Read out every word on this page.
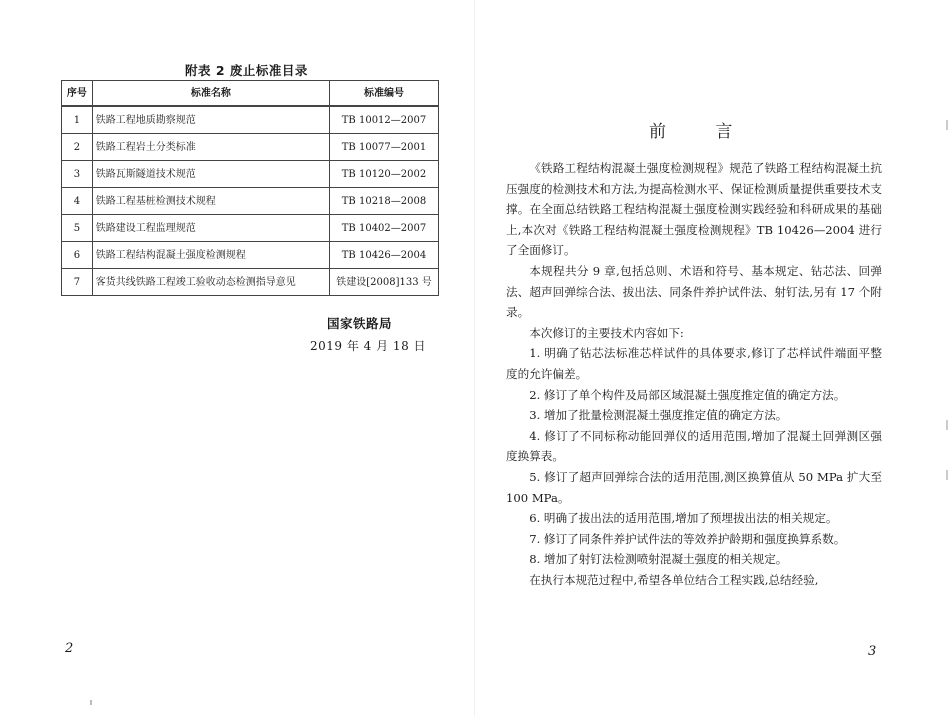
附表 2 废止标准目录
序号	标准名称	标准编号
1	铁路工程地质勘察规范	TB 10012—2007
2	铁路工程岩土分类标准	TB 10077—2001
3	铁路瓦斯隧道技术规范	TB 10120—2002
4	铁路工程基桩检测技术规程	TB 10218—2008
5	铁路建设工程监理规范	TB 10402—2007
6	铁路工程结构混凝土强度检测规程	TB 10426—2004
7	客货共线铁路工程竣工验收动态检测指导意见	铁建设[2008]133 号
国家铁路局
2019 年 4 月 18 日
2
前 言

《铁路工程结构混凝土强度检测规程》规范了铁路工程结构混凝土抗压强度的检测技术和方法,为提高检测水平、保证检测质量提供重要技术支撑。在全面总结铁路工程结构混凝土强度检测实践经验和科研成果的基础上,本次对《铁路工程结构混凝土强度检测规程》TB 10426—2004 进行了全面修订。

本规程共分 9 章,包括总则、术语和符号、基本规定、钻芯法、回弹法、超声回弹综合法、拔出法、同条件养护试件法、射钉法,另有 17 个附录。

本次修订的主要技术内容如下:

1. 明确了钻芯法标准芯样试件的具体要求,修订了芯样试件端面平整度的允许偏差。

2. 修订了单个构件及局部区域混凝土强度推定值的确定方法。

3. 增加了批量检测混凝土强度推定值的确定方法。

4. 修订了不同标称动能回弹仪的适用范围,增加了混凝土回弹测区强度换算表。

5. 修订了超声回弹综合法的适用范围,测区换算值从 50 MPa 扩大至 100 MPa。

6. 明确了拔出法的适用范围,增加了预埋拔出法的相关规定。

7. 修订了同条件养护试件法的等效养护龄期和强度换算系数。

8. 增加了射钉法检测喷射混凝土强度的相关规定。

在执行本规范过程中,希望各单位结合工程实践,总结经验,

3
